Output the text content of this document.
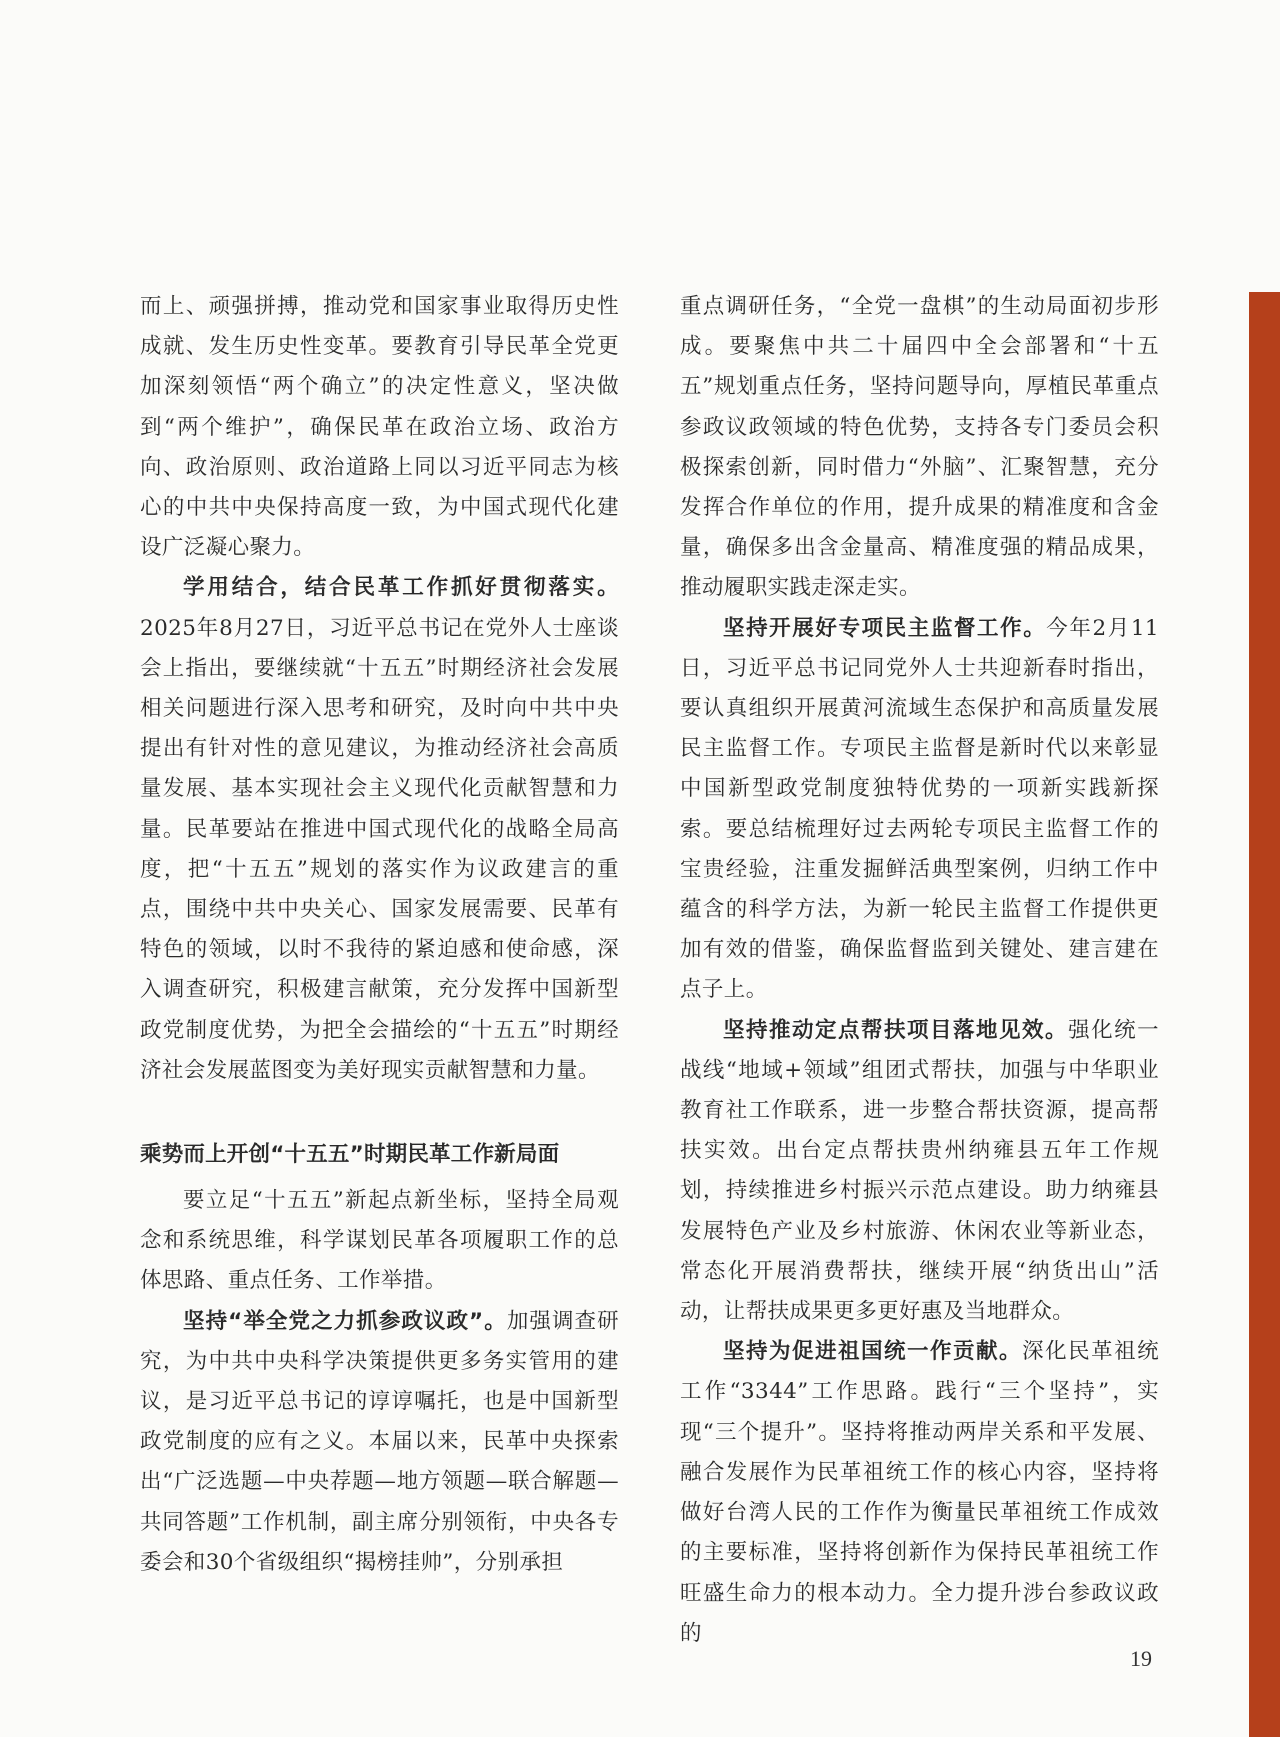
而上、顽强拼搏，推动党和国家事业取得历史性成就、发生历史性变革。要教育引导民革全党更加深刻领悟“两个确立”的决定性意义，坚决做到“两个维护”，确保民革在政治立场、政治方向、政治原则、政治道路上同以习近平同志为核心的中共中央保持高度一致，为中国式现代化建设广泛凝心聚力。

学用结合，结合民革工作抓好贯彻落实。2025年8月27日，习近平总书记在党外人士座谈会上指出，要继续就“十五五”时期经济社会发展相关问题进行深入思考和研究，及时向中共中央提出有针对性的意见建议，为推动经济社会高质量发展、基本实现社会主义现代化贡献智慧和力量。民革要站在推进中国式现代化的战略全局高度，把“十五五”规划的落实作为议政建言的重点，围绕中共中央关心、国家发展需要、民革有特色的领域，以时不我待的紧迫感和使命感，深入调查研究，积极建言献策，充分发挥中国新型政党制度优势，为把全会描绘的“十五五”时期经济社会发展蓝图变为美好现实贡献智慧和力量。

乘势而上开创“十五五”时期民革工作新局面

要立足“十五五”新起点新坐标，坚持全局观念和系统思维，科学谋划民革各项履职工作的总体思路、重点任务、工作举措。

坚持“举全党之力抓参政议政”。加强调查研究，为中共中央科学决策提供更多务实管用的建议，是习近平总书记的谆谆嘱托，也是中国新型政党制度的应有之义。本届以来，民革中央探索出“广泛选题—中央荐题—地方领题—联合解题—共同答题”工作机制，副主席分别领衔，中央各专委会和30个省级组织“揭榜挂帅”，分别承担

重点调研任务，“全党一盘棋”的生动局面初步形成。要聚焦中共二十届四中全会部署和“十五五”规划重点任务，坚持问题导向，厚植民革重点参政议政领域的特色优势，支持各专门委员会积极探索创新，同时借力“外脑”、汇聚智慧，充分发挥合作单位的作用，提升成果的精准度和含金量，确保多出含金量高、精准度强的精品成果，推动履职实践走深走实。

坚持开展好专项民主监督工作。今年2月11日，习近平总书记同党外人士共迎新春时指出，要认真组织开展黄河流域生态保护和高质量发展民主监督工作。专项民主监督是新时代以来彰显中国新型政党制度独特优势的一项新实践新探索。要总结梳理好过去两轮专项民主监督工作的宝贵经验，注重发掘鲜活典型案例，归纳工作中蕴含的科学方法，为新一轮民主监督工作提供更加有效的借鉴，确保监督监到关键处、建言建在点子上。

坚持推动定点帮扶项目落地见效。强化统一战线“地域+领域”组团式帮扶，加强与中华职业教育社工作联系，进一步整合帮扶资源，提高帮扶实效。出台定点帮扶贵州纳雍县五年工作规划，持续推进乡村振兴示范点建设。助力纳雍县发展特色产业及乡村旅游、休闲农业等新业态，常态化开展消费帮扶，继续开展“纳货出山”活动，让帮扶成果更多更好惠及当地群众。

坚持为促进祖国统一作贡献。深化民革祖统工作“3344”工作思路。践行“三个坚持”，实现“三个提升”。坚持将推动两岸关系和平发展、融合发展作为民革祖统工作的核心内容，坚持将做好台湾人民的工作作为衡量民革祖统工作成效的主要标准，坚持将创新作为保持民革祖统工作旺盛生命力的根本动力。全力提升涉台参政议政的

19
